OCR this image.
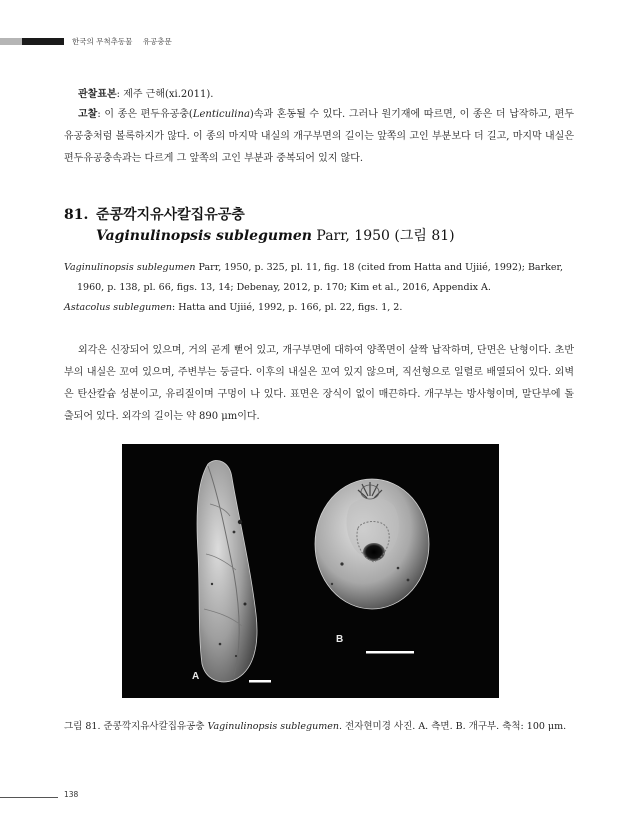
한국의 무척추동물 유공충문

관찰표본: 제주 근해(xi.2011).

고찰: 이 종은 편두유공충(Lenticulina)속과 혼동될 수 있다. 그러나 원기재에 따르면, 이 종은 더 납작하고, 편두유공충처럼 볼록하지가 않다. 이 종의 마지막 내실의 개구부면의 길이는 앞쪽의 고인 부분보다 더 길고, 마지막 내실은 편두유공충속과는 다르게 그 앞쪽의 고인 부분과 중복되어 있지 않다.

81. 준콩깍지유사칼집유공충
Vaginulinopsis sublegumen Parr, 1950 (그림 81)

Vaginulinopsis sublegumen Parr, 1950, p. 325, pl. 11, fig. 18 (cited from Hatta and Ujiié, 1992); Barker, 1960, p. 138, pl. 66, figs. 13, 14; Debenay, 2012, p. 170; Kim et al., 2016, Appendix A.

Astacolus sublegumen: Hatta and Ujiié, 1992, p. 166, pl. 22, figs. 1, 2.

외각은 신장되어 있으며, 거의 곧게 뻗어 있고, 개구부면에 대하여 양쪽면이 살짝 납작하며, 단면은 난형이다. 초반부의 내실은 꼬여 있으며, 주변부는 둥글다. 이후의 내실은 꼬여 있지 않으며, 직선형으로 일렬로 배열되어 있다. 외벽은 탄산칼슘 성분이고, 유리질이며 구멍이 나 있다. 표면은 장식이 없이 매끈하다. 개구부는 방사형이며, 말단부에 돌출되어 있다. 외각의 길이는 약 890 μm이다.

A
B

그림 81. 준콩깍지유사칼집유공충 Vaginulinopsis sublegumen. 전자현미경 사진. A. 측면. B. 개구부. 축척: 100 μm.

138
